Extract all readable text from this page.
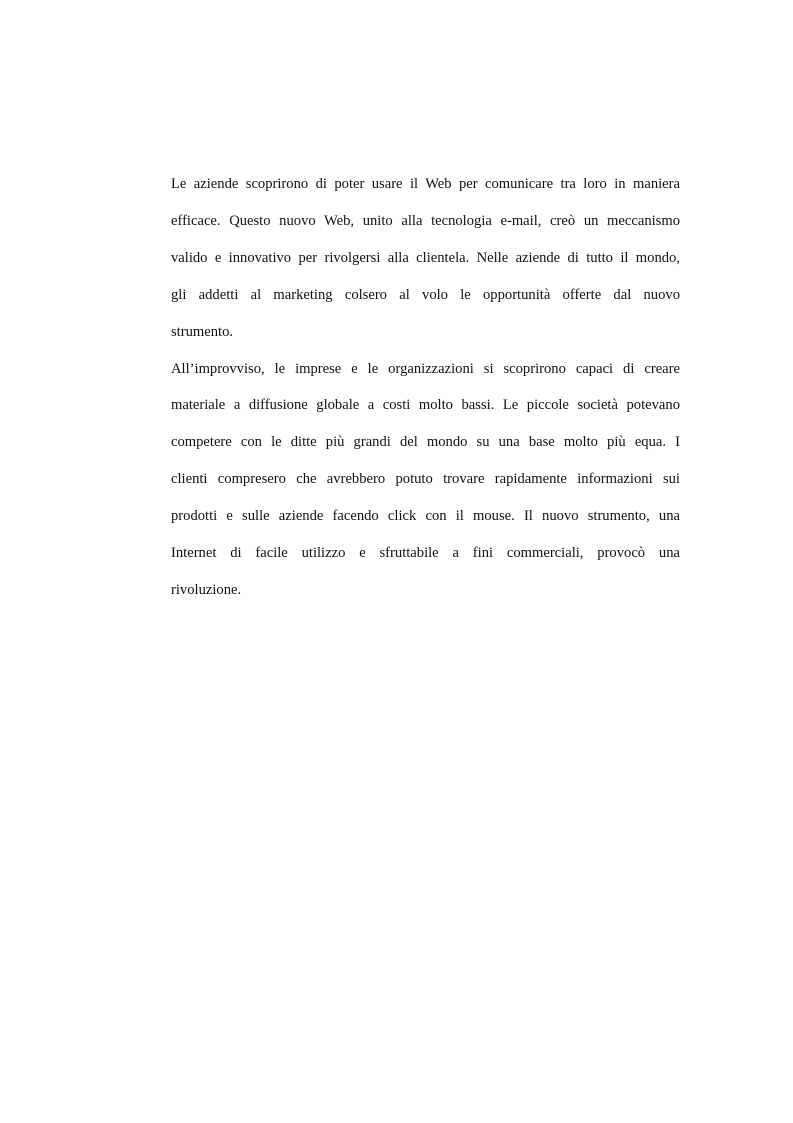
Le aziende scoprirono di poter usare il Web per comunicare tra loro in maniera
efficace. Questo nuovo Web, unito alla tecnologia e-mail, creò un meccanismo
valido e innovativo per rivolgersi alla clientela. Nelle aziende di tutto il mondo,
gli addetti al marketing colsero al volo le opportunità offerte dal nuovo
strumento.

All’improvviso, le imprese e le organizzazioni si scoprirono capaci di creare
materiale a diffusione globale a costi molto bassi. Le piccole società potevano
competere con le ditte più grandi del mondo su una base molto più equa. I
clienti compresero che avrebbero potuto trovare rapidamente informazioni sui
prodotti e sulle aziende facendo click con il mouse. Il nuovo strumento, una
Internet di facile utilizzo e sfruttabile a fini commerciali, provocò una
rivoluzione.
